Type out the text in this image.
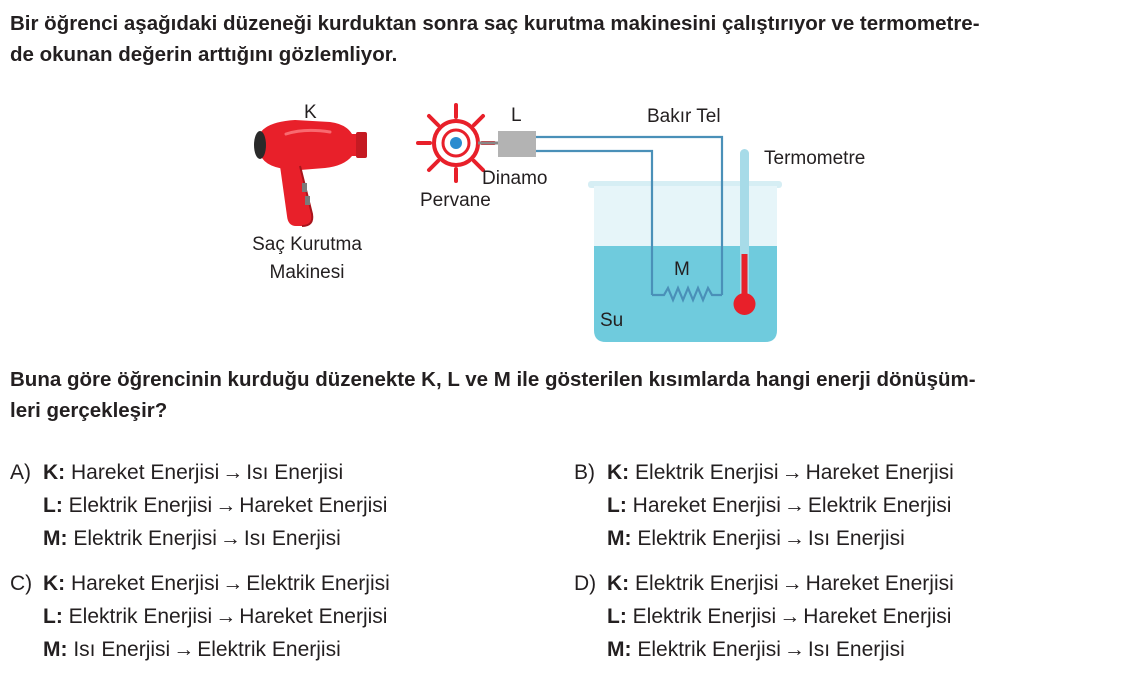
Bir öğrenci aşağıdaki düzeneği kurduktan sonra saç kurutma makinesini çalıştırıyor ve termometre-
de okunan değerin arttığını gözlemliyor.

K	L	Bakır Tel
Termometre
Dinamo
Pervane
Saç Kurutma
Makinesi	M
Su

Buna göre öğrencinin kurduğu düzenekte K, L ve M ile gösterilen kısımlarda hangi enerji dönüşüm-
leri gerçekleşir?

A) K: Hareket Enerjisi → Isı Enerjisi
L: Elektrik Enerjisi → Hareket Enerjisi
M: Elektrik Enerjisi → Isı Enerjisi
B) K: Elektrik Enerjisi → Hareket Enerjisi
L: Hareket Enerjisi → Elektrik Enerjisi
M: Elektrik Enerjisi → Isı Enerjisi
C) K: Hareket Enerjisi → Elektrik Enerjisi
L: Elektrik Enerjisi → Hareket Enerjisi
M: Isı Enerjisi → Elektrik Enerjisi
D) K: Elektrik Enerjisi → Hareket Enerjisi
L: Elektrik Enerjisi → Hareket Enerjisi
M: Elektrik Enerjisi → Isı Enerjisi
